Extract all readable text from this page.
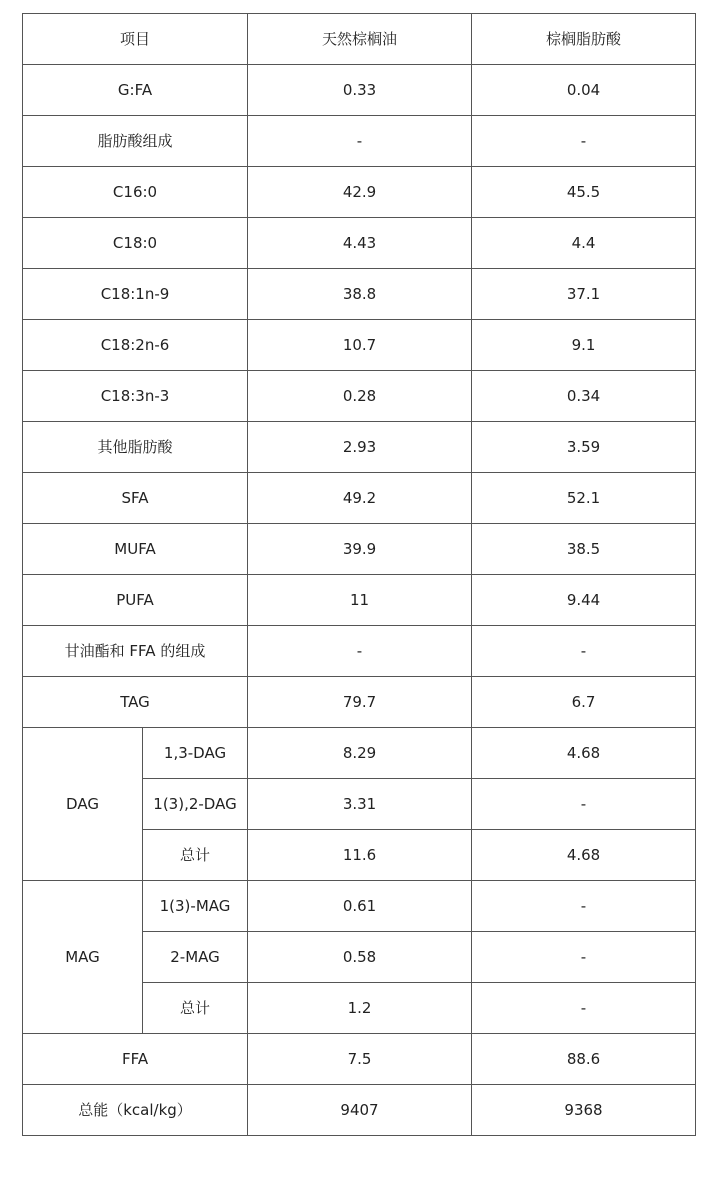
项目		天然棕榈油	棕榈脂肪酸
G:FA		0.33	0.04
脂肪酸组成		-	-
C16:0		42.9	45.5
C18:0		4.43	4.4
C18:1n-9		38.8	37.1
C18:2n-6		10.7	9.1
C18:3n-3		0.28	0.34
其他脂肪酸		2.93	3.59
SFA		49.2	52.1
MUFA		39.9	38.5
PUFA		11	9.44
甘油酯和 FFA 的组成		-	-
TAG		79.7	6.7
DAG	1,3-DAG	8.29	4.68
	1(3),2-DAG	3.31	-
	总计	11.6	4.68
MAG	1(3)-MAG	0.61	-
	2-MAG	0.58	-
	总计	1.2	-
FFA		7.5	88.6
总能（kcal/kg）		9407	9368
